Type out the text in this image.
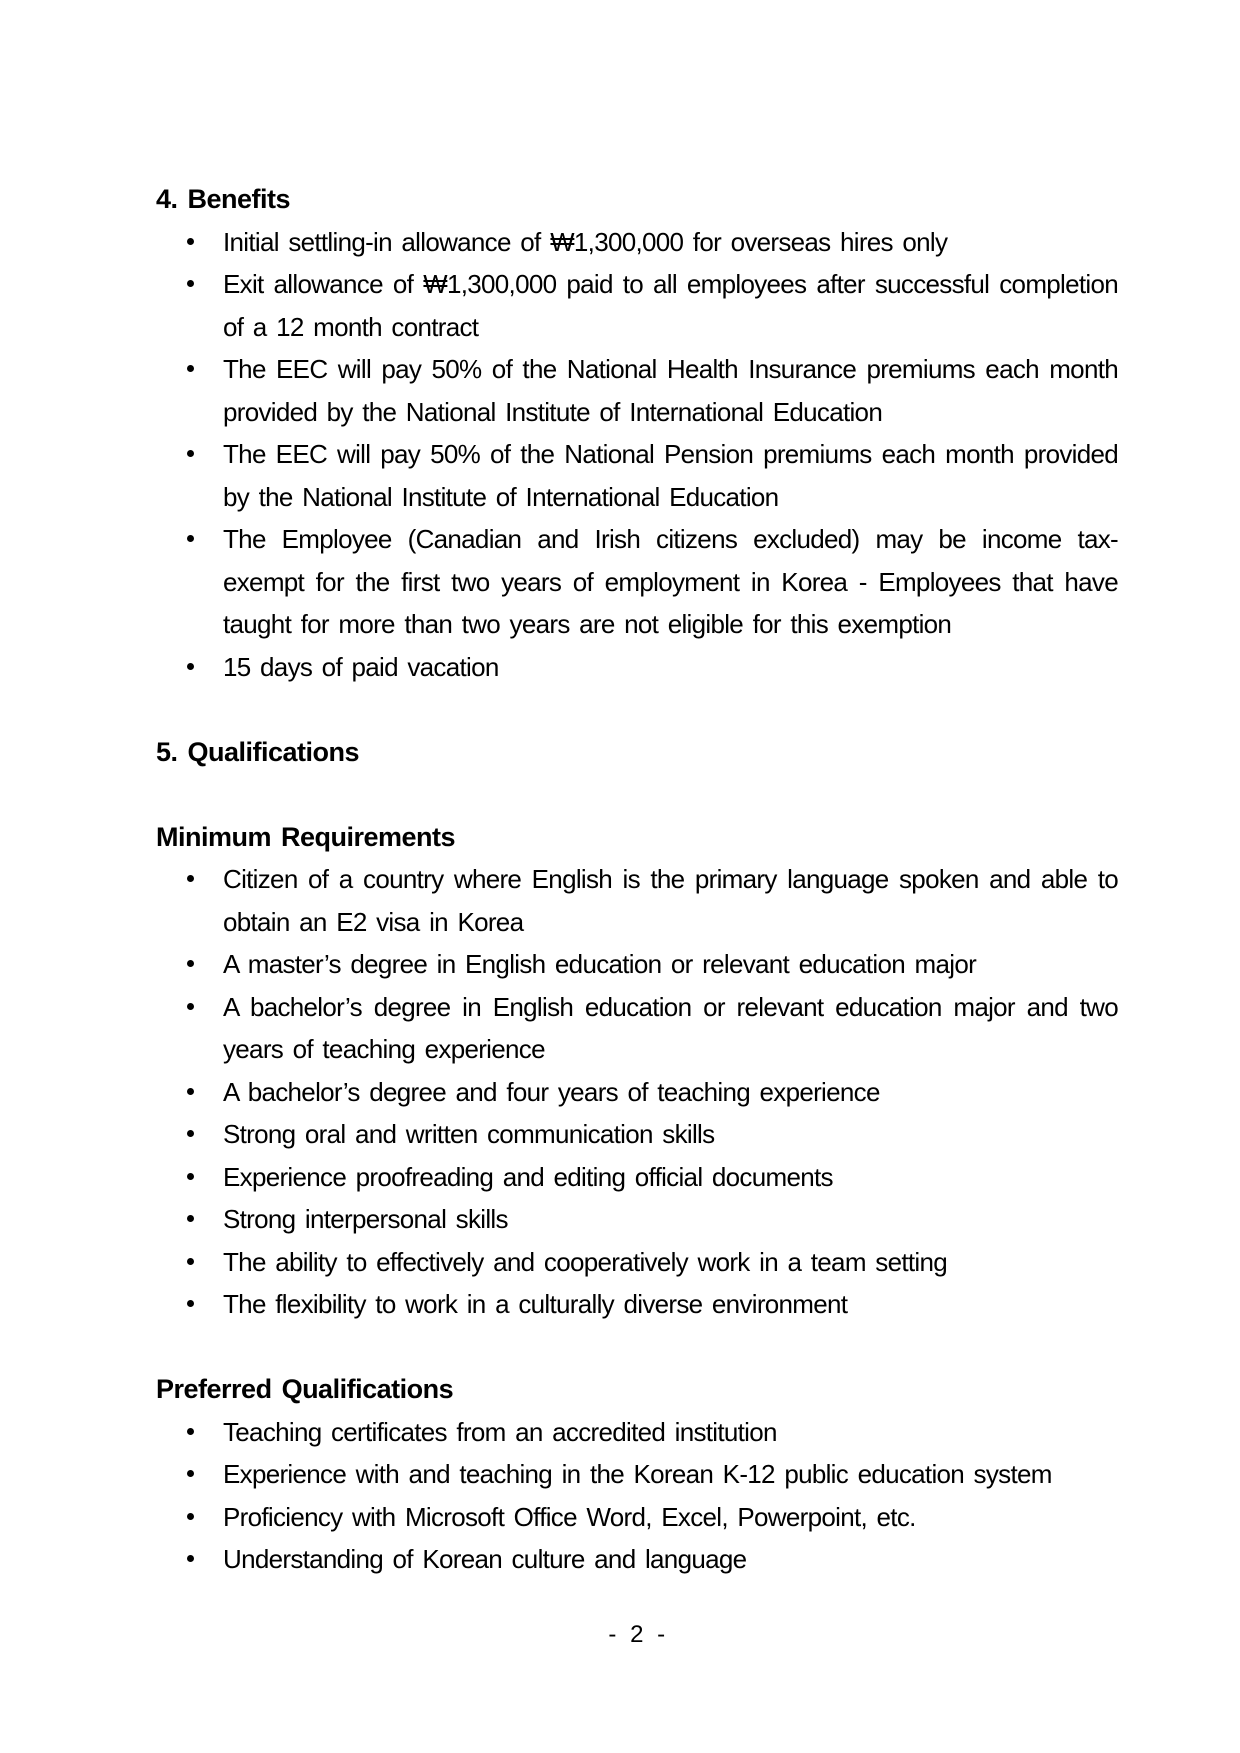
4. Benefits
Initial settling-in allowance of ₩1,300,000 for overseas hires only
Exit allowance of ₩1,300,000 paid to all employees after successful completion of a 12 month contract
The EEC will pay 50% of the National Health Insurance premiums each month provided by the National Institute of International Education
The EEC will pay 50% of the National Pension premiums each month provided by the National Institute of International Education
The Employee (Canadian and Irish citizens excluded) may be income tax-exempt for the first two years of employment in Korea - Employees that have taught for more than two years are not eligible for this exemption
15 days of paid vacation
5. Qualifications
Minimum Requirements
Citizen of a country where English is the primary language spoken and able to obtain an E2 visa in Korea
A master’s degree in English education or relevant education major
A bachelor’s degree in English education or relevant education major and two years of teaching experience
A bachelor’s degree and four years of teaching experience
Strong oral and written communication skills
Experience proofreading and editing official documents
Strong interpersonal skills
The ability to effectively and cooperatively work in a team setting
The flexibility to work in a culturally diverse environment
Preferred Qualifications
Teaching certificates from an accredited institution
Experience with and teaching in the Korean K-12 public education system
Proficiency with Microsoft Office Word, Excel, Powerpoint, etc.
Understanding of Korean culture and language
- 2 -
